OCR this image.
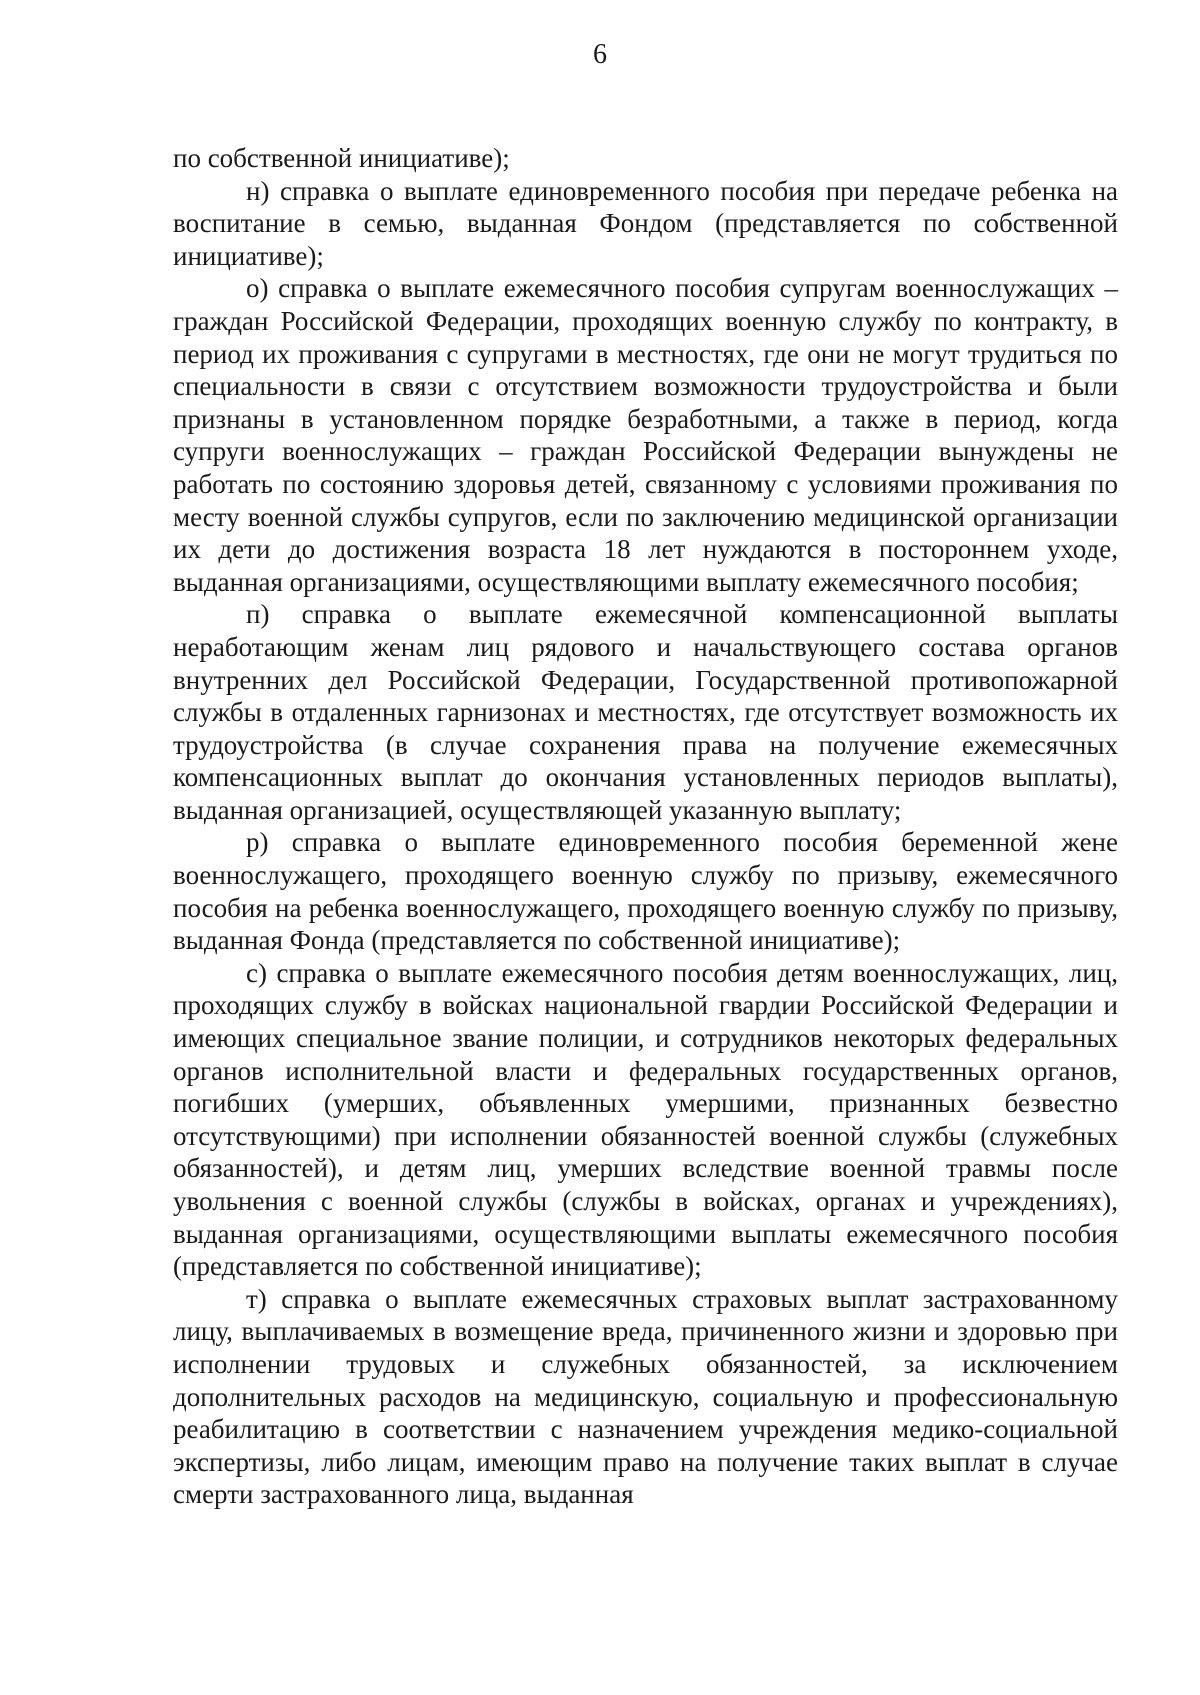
6

по собственной инициативе);

н) справка о выплате единовременного пособия при передаче ребенка на воспитание в семью, выданная Фондом (представляется по собственной инициативе);

о) справка о выплате ежемесячного пособия супругам военнослужащих – граждан Российской Федерации, проходящих военную службу по контракту, в период их проживания с супругами в местностях, где они не могут трудиться по специальности в связи с отсутствием возможности трудоустройства и были признаны в установленном порядке безработными, а также в период, когда супруги военнослужащих – граждан Российской Федерации вынуждены не работать по состоянию здоровья детей, связанному с условиями проживания по месту военной службы супругов, если по заключению медицинской организации их дети до достижения возраста 18 лет нуждаются в постороннем уходе, выданная организациями, осуществляющими выплату ежемесячного пособия;

п) справка о выплате ежемесячной компенсационной выплаты неработающим женам лиц рядового и начальствующего состава органов внутренних дел Российской Федерации, Государственной противопожарной службы в отдаленных гарнизонах и местностях, где отсутствует возможность их трудоустройства (в случае сохранения права на получение ежемесячных компенсационных выплат до окончания установленных периодов выплаты), выданная организацией, осуществляющей указанную выплату;

р) справка о выплате единовременного пособия беременной жене военнослужащего, проходящего военную службу по призыву, ежемесячного пособия на ребенка военнослужащего, проходящего военную службу по призыву, выданная Фонда (представляется по собственной инициативе);

с) справка о выплате ежемесячного пособия детям военнослужащих, лиц, проходящих службу в войсках национальной гвардии Российской Федерации и имеющих специальное звание полиции, и сотрудников некоторых федеральных органов исполнительной власти и федеральных государственных органов, погибших (умерших, объявленных умершими, признанных безвестно отсутствующими) при исполнении обязанностей военной службы (служебных обязанностей), и детям лиц, умерших вследствие военной травмы после увольнения с военной службы (службы в войсках, органах и учреждениях), выданная организациями, осуществляющими выплаты ежемесячного пособия (представляется по собственной инициативе);

т) справка о выплате ежемесячных страховых выплат застрахованному лицу, выплачиваемых в возмещение вреда, причиненного жизни и здоровью при исполнении трудовых и служебных обязанностей, за исключением дополнительных расходов на медицинскую, социальную и профессиональную реабилитацию в соответствии с назначением учреждения медико-социальной экспертизы, либо лицам, имеющим право на получение таких выплат в случае смерти застрахованного лица, выданная
